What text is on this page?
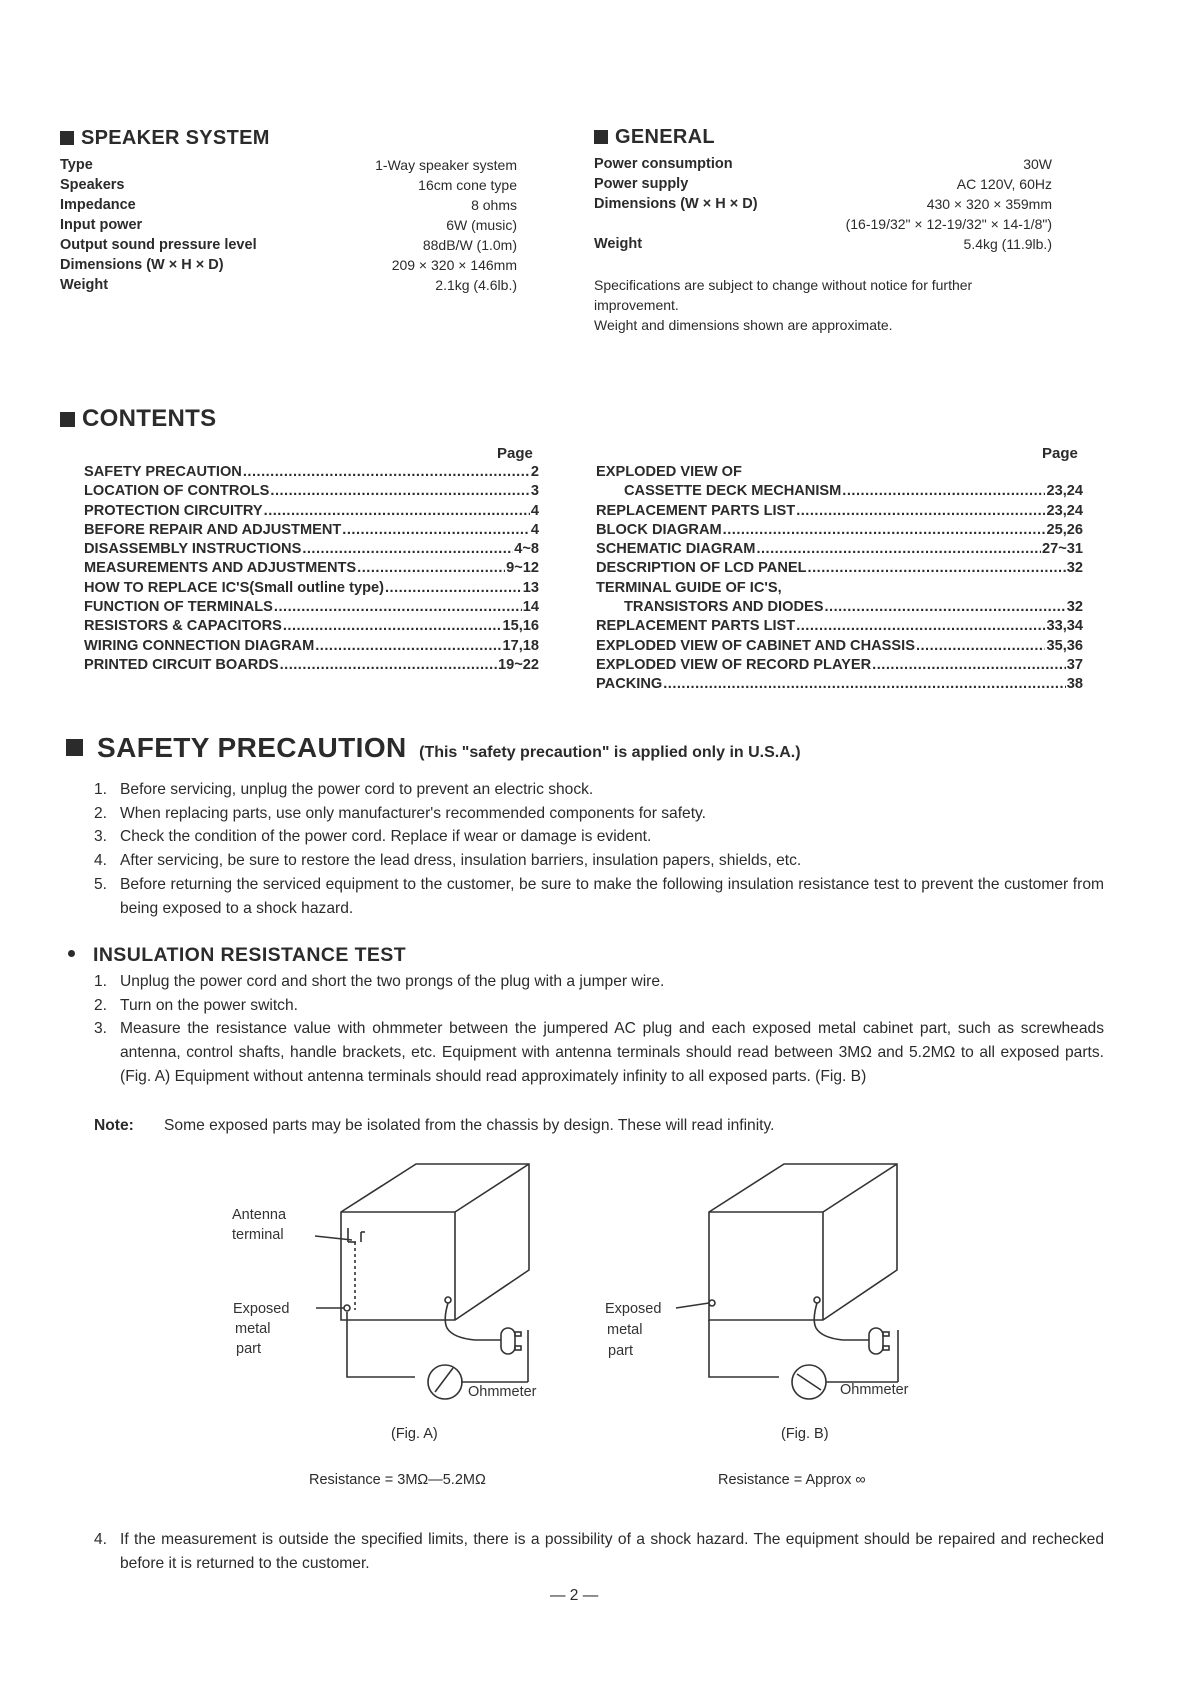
SPEAKER SYSTEM
Type	1-Way speaker system
Speakers	16cm cone type
Impedance	8 ohms
Input power	6W (music)
Output sound pressure level	88dB/W (1.0m)
Dimensions (W × H × D)	209 × 320 × 146mm
Weight	2.1kg (4.6lb.)
GENERAL
Power consumption	30W
Power supply	AC 120V, 60Hz
Dimensions (W × H × D)	430 × 320 × 359mm
	(16-19/32" × 12-19/32" × 14-1/8")
Weight	5.4kg (11.9lb.)
Specifications are subject to change without notice for further improvement.
Weight and dimensions shown are approximate.
CONTENTS
Page	Page
SAFETY PRECAUTION .....	2
LOCATION OF CONTROLS .....	3
PROTECTION CIRCUITRY .....	4
BEFORE REPAIR AND ADJUSTMENT .....	4
DISASSEMBLY INSTRUCTIONS .....	4~8
MEASUREMENTS AND ADJUSTMENTS .....	9~12
HOW TO REPLACE IC'S(Small outline type) .....	13
FUNCTION OF TERMINALS .....	14
RESISTORS & CAPACITORS .....	15,16
WIRING CONNECTION DIAGRAM .....	17,18
PRINTED CIRCUIT BOARDS .....	19~22
EXPLODED VIEW OF
CASSETTE DECK MECHANISM .....	23,24
REPLACEMENT PARTS LIST .....	23,24
BLOCK DIAGRAM .....	25,26
SCHEMATIC DIAGRAM .....	27~31
DESCRIPTION OF LCD PANEL .....	32
TERMINAL GUIDE OF IC'S,
TRANSISTORS AND DIODES .....	32
REPLACEMENT PARTS LIST .....	33,34
EXPLODED VIEW OF CABINET AND CHASSIS .....	35,36
EXPLODED VIEW OF RECORD PLAYER .....	37
PACKING .....	38
SAFETY PRECAUTION (This "safety precaution" is applied only in U.S.A.)
1. Before servicing, unplug the power cord to prevent an electric shock.
2. When replacing parts, use only manufacturer's recommended components for safety.
3. Check the condition of the power cord. Replace if wear or damage is evident.
4. After servicing, be sure to restore the lead dress, insulation barriers, insulation papers, shields, etc.
5. Before returning the serviced equipment to the customer, be sure to make the following insulation resistance test to prevent the customer from being exposed to a shock hazard.
INSULATION RESISTANCE TEST
1. Unplug the power cord and short the two prongs of the plug with a jumper wire.
2. Turn on the power switch.
3. Measure the resistance value with ohmmeter between the jumpered AC plug and each exposed metal cabinet part, such as screwheads antenna, control shafts, handle brackets, etc. Equipment with antenna terminals should read between 3MΩ and 5.2MΩ to all exposed parts. (Fig. A) Equipment without antenna terminals should read approximately infinity to all exposed parts. (Fig. B)
Note: Some exposed parts may be isolated from the chassis by design. These will read infinity.
Antenna
terminal
Exposed
metal
part
Ohmmeter
(Fig. A)
Resistance = 3MΩ—5.2MΩ
Exposed
metal
part
Ohmmeter
(Fig. B)
Resistance = Approx ∞
4. If the measurement is outside the specified limits, there is a possibility of a shock hazard. The equipment should be repaired and rechecked before it is returned to the customer.
— 2 —
